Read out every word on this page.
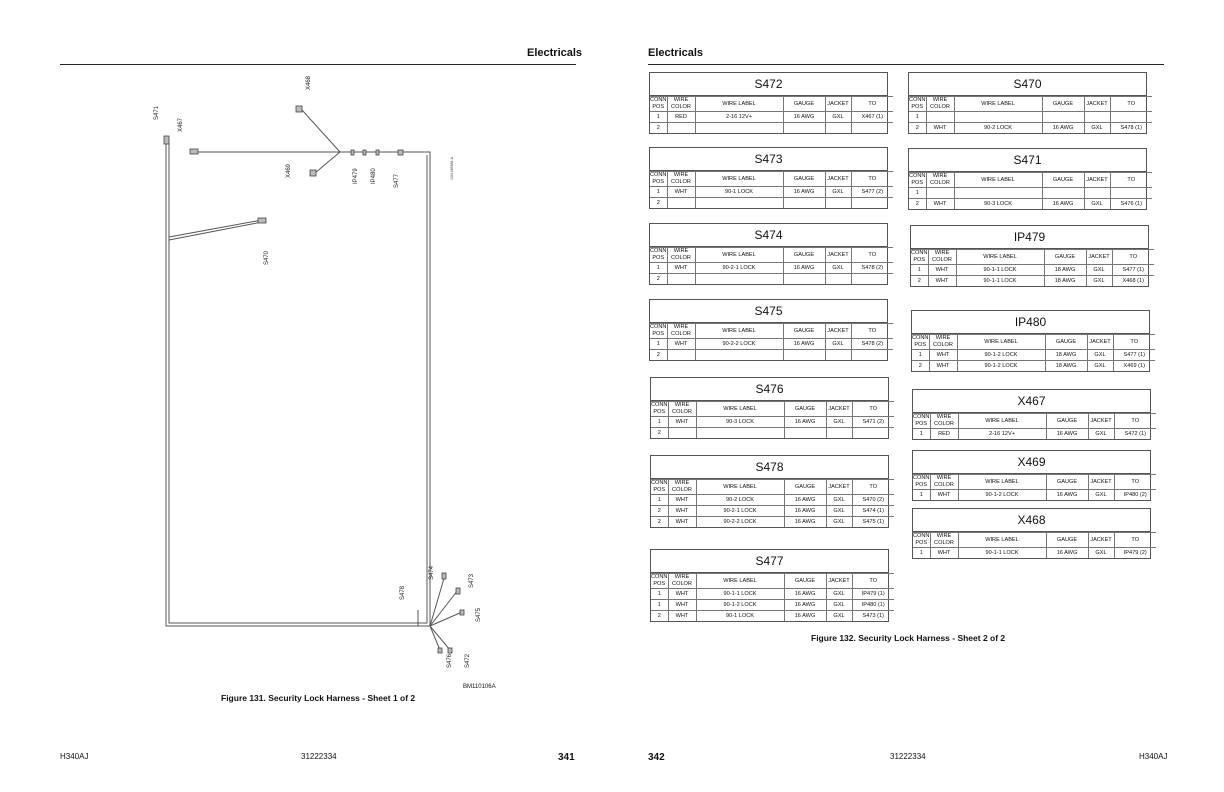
Electricals
S471
X467
X468
X469	IP479 IP480	S477
S470
S478
S474
S473
S475
S476 S472
1001089884-A
BM110106A
Figure 131. Security Lock Harness - Sheet 1 of 2
H340AJ	31222334	341
Electricals
S472
CONN POS	WIRE COLOR	WIRE LABEL	GAUGE	JACKET	TO
1	RED	2-16 12V+	16 AWG	GXL	X467 (1)
2					
S473
CONN POS	WIRE COLOR	WIRE LABEL	GAUGE	JACKET	TO
1	WHT	90-1 LOCK	16 AWG	GXL	S477 (2)
2					
S474
CONN POS	WIRE COLOR	WIRE LABEL	GAUGE	JACKET	TO
1	WHT	90-2-1 LOCK	16 AWG	GXL	S478 (2)
2					
S475
CONN POS	WIRE COLOR	WIRE LABEL	GAUGE	JACKET	TO
1	WHT	90-2-2 LOCK	16 AWG	GXL	S478 (2)
2					
S476
CONN POS	WIRE COLOR	WIRE LABEL	GAUGE	JACKET	TO
1	WHT	90-3 LOCK	16 AWG	GXL	S471 (2)
2					
S478
CONN POS	WIRE COLOR	WIRE LABEL	GAUGE	JACKET	TO
1	WHT	90-2 LOCK	16 AWG	GXL	S470 (2)
2	WHT	90-2-1 LOCK	16 AWG	GXL	S474 (1)
2	WHT	90-2-2 LOCK	16 AWG	GXL	S475 (1)
S477
CONN POS	WIRE COLOR	WIRE LABEL	GAUGE	JACKET	TO
1	WHT	90-1-1 LOCK	16 AWG	GXL	IP479 (1)
1	WHT	90-1-2 LOCK	16 AWG	GXL	IP480 (1)
2	WHT	90-1 LOCK	16 AWG	GXL	S473 (1)
S470
CONN POS	WIRE COLOR	WIRE LABEL	GAUGE	JACKET	TO
1					
2	WHT	90-2 LOCK	16 AWG	GXL	S478 (1)
S471
CONN POS	WIRE COLOR	WIRE LABEL	GAUGE	JACKET	TO
1					
2	WHT	90-3 LOCK	16 AWG	GXL	S476 (1)
IP479
CONN POS	WIRE COLOR	WIRE LABEL	GAUGE	JACKET	TO
1	WHT	90-1-1 LOCK	18 AWG	GXL	S477 (1)
2	WHT	90-1-1 LOCK	18 AWG	GXL	X468 (1)
IP480
CONN POS	WIRE COLOR	WIRE LABEL	GAUGE	JACKET	TO
1	WHT	90-1-2 LOCK	18 AWG	GXL	S477 (1)
2	WHT	90-1-2 LOCK	18 AWG	GXL	X469 (1)
X467
CONN POS	WIRE COLOR	WIRE LABEL	GAUGE	JACKET	TO
1	RED	2-16 12V+	16 AWG	GXL	S472 (1)
X469
CONN POS	WIRE COLOR	WIRE LABEL	GAUGE	JACKET	TO
1	WHT	90-1-2 LOCK	16 AWG	GXL	IP480 (2)
X468
CONN POS	WIRE COLOR	WIRE LABEL	GAUGE	JACKET	TO
1	WHT	90-1-1 LOCK	16 AWG	GXL	IP479 (2)
Figure 132. Security Lock Harness - Sheet 2 of 2
342	31222334	H340AJ
